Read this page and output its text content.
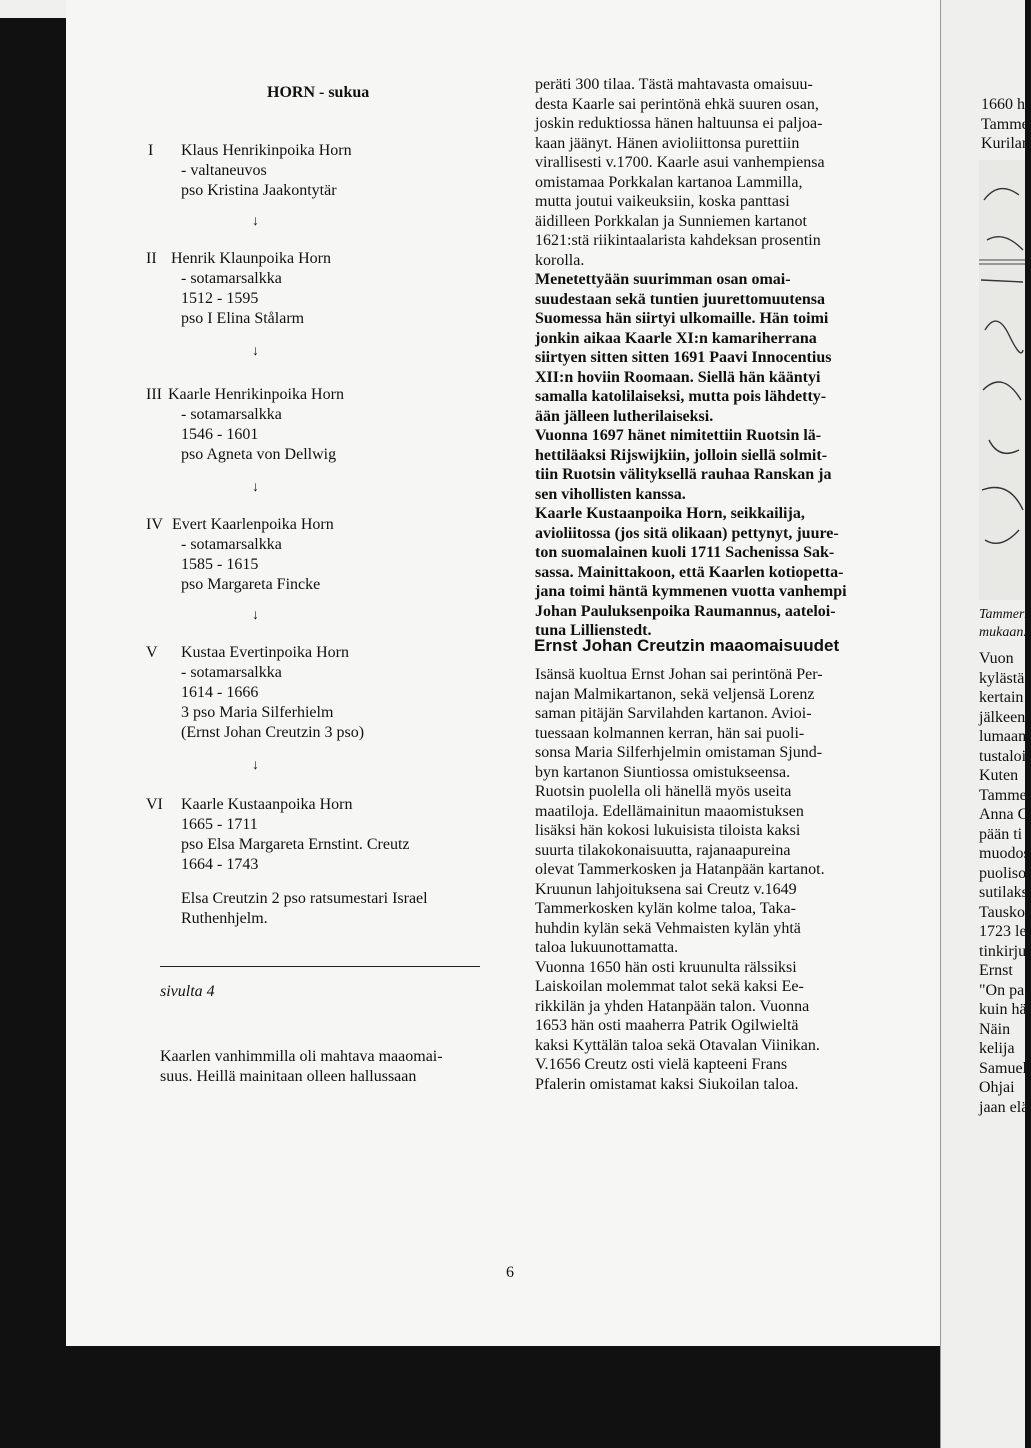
HORN - sukua
I Klaus Henrikinpoika Horn
- valtaneuvos
pso Kristina Jaakontytär
↓
II Henrik Klaunpoika Horn
- sotamarsalkka
1512 - 1595
pso I Elina Stålarm
↓
III Kaarle Henrikinpoika Horn
- sotamarsalkka
1546 - 1601
pso Agneta von Dellwig
↓
IV Evert Kaarlenpoika Horn
- sotamarsalkka
1585 - 1615
pso Margareta Fincke
↓
V Kustaa Evertinpoika Horn
- sotamarsalkka
1614 - 1666
3 pso Maria Silferhielm
(Ernst Johan Creutzin 3 pso)
↓
VI Kaarle Kustaanpoika Horn
1665 - 1711
pso Elsa Margareta Ernstint. Creutz
1664 - 1743
Elsa Creutzin 2 pso ratsumestari Israel
Ruthenhjelm.
sivulta 4
Kaarlen vanhimmilla oli mahtava maaomai-
suus. Heillä mainitaan olleen hallussaan
peräti 300 tilaa. Tästä mahtavasta omaisuu-
desta Kaarle sai perintönä ehkä suuren osan,
joskin reduktiossa hänen haltuunsa ei paljoa-
kaan jäänyt. Hänen avioliittonsa purettiin
virallisesti v.1700. Kaarle asui vanhempiensa
omistamaa Porkkalan kartanoa Lammilla,
mutta joutui vaikeuksiin, koska panttasi
äidilleen Porkkalan ja Sunniemen kartanot
1621:stä riikintaalarista kahdeksan prosentin
korolla.
Menetettyään suurimman osan omai-
suudestaan sekä tuntien juurettomuutensa
Suomessa hän siirtyi ulkomaille. Hän toimi
jonkin aikaa Kaarle XI:n kamariherrana
siirtyen sitten sitten 1691 Paavi Innocentius
XII:n hoviin Roomaan. Siellä hän kääntyi
samalla katolilaiseksi, mutta pois lähdetty-
ään jälleen lutherilaiseksi.
Vuonna 1697 hänet nimitettiin Ruotsin lä-
hettiläaksi Rijswijkiin, jolloin siellä solmit-
tiin Ruotsin välityksellä rauhaa Ranskan ja
sen vihollisten kanssa.
Kaarle Kustaanpoika Horn, seikkailija,
avioliitossa (jos sitä olikaan) pettynyt, juure-
ton suomalainen kuoli 1711 Sachenissa Sak-
sassa. Mainittakoon, että Kaarlen kotiopetta-
jana toimi häntä kymmenen vuotta vanhempi
Johan Pauluksenpoika Raumannus, aateloi-
tuna Lillienstedt.
Ernst Johan Creutzin maaomaisuudet
Isänsä kuoltua Ernst Johan sai perintönä Per-
najan Malmikartanon, sekä veljensä Lorenz
saman pitäjän Sarvilahden kartanon. Avioi-
tuessaan kolmannen kerran, hän sai puoli-
sonsa Maria Silferhjelmin omistaman Sjund-
byn kartanon Siuntiossa omistukseensa.
Ruotsin puolella oli hänellä myös useita
maatiloja. Edellämainitun maaomistuksen
lisäksi hän kokosi lukuisista tiloista kaksi
suurta tilakokonaisuutta, rajanaapureina
olevat Tammerkosken ja Hatanpään kartanot.
Kruunun lahjoituksena sai Creutz v.1649
Tammerkosken kylän kolme taloa, Taka-
huhdin kylän sekä Vehmaisten kylän yhtä
taloa lukuunottamatta.
Vuonna 1650 hän osti kruunulta rälssiksi
Laiskoilan molemmat talot sekä kaksi Ee-
rikkilän ja yhden Hatanpään talon. Vuonna
1653 hän osti maaherra Patrik Ogilwieltä
kaksi Kyttälän taloa sekä Otavalan Viinikan.
V.1656 Creutz osti vielä kapteeni Frans
Pfalerin omistamat kaksi Siukoilan taloa.
6
1660 h
Tamme
Kurilan
Tammerk
mukaan.
Vuon
kylästä
kertain
jälkeen
lumaan
tustaloi
Kuten
Tamme
Anna C
pään ti
muodos
puoliso
sutilaks
Tausko
1723 le
tinkirju
Ernst
"On pa
kuin hä
Näin
kelija
Samuel
Ohjai
jaan elä
